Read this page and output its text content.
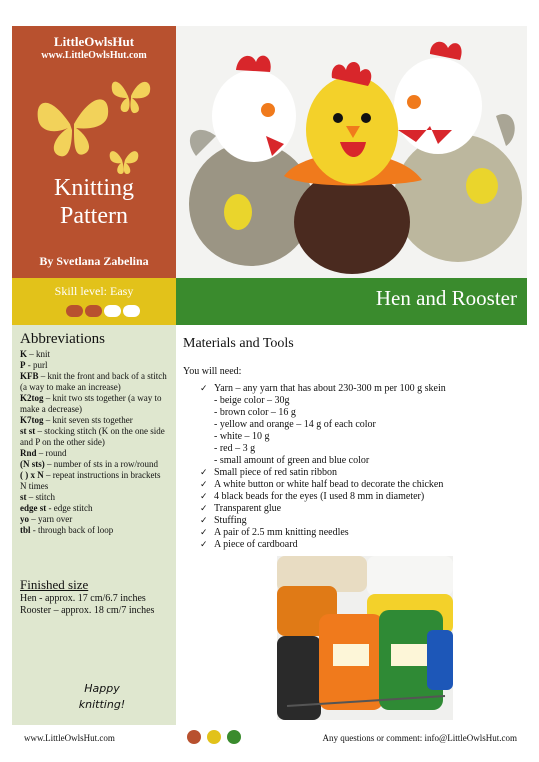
LittleOwlsHut
www.LittleOwlsHut.com
Knitting
Pattern
By Svetlana Zabelina
Skill level: Easy	Hen and Rooster
Abbreviations
K – knit
P - purl
KFB – knit the front and back of a stitch (a way to make an increase)
K2tog – knit two sts together (a way to make a decrease)
K7tog – knit seven sts together
st st – stocking stitch (K on the one side and P on the other side)
Rnd – round
(N sts) – number of sts in a row/round
( ) x N – repeat instructions in brackets N times
st – stitch
edge st - edge stitch
yo – yarn over
tbl - through back of loop
Finished size
Hen - approx. 17 cm/6.7 inches
Rooster – approx. 18 cm/7 inches
Happy
knitting!
Materials and Tools
You will need:
✓ Yarn – any yarn that has about 230-300 m per 100 g skein
- beige color – 30g
- brown color – 16 g
- yellow and orange – 14 g of each color
- white – 10 g
- red – 3 g
- small amount of green and blue color
✓ Small piece of red satin ribbon
✓ A white button or white half bead to decorate the chicken
✓ 4 black beads for the eyes (I used 8 mm in diameter)
✓ Transparent glue
✓ Stuffing
✓ A pair of 2.5 mm knitting needles
✓ A piece of cardboard
www.LittleOwlsHut.com	Any questions or comment: info@LittleOwlsHut.com
